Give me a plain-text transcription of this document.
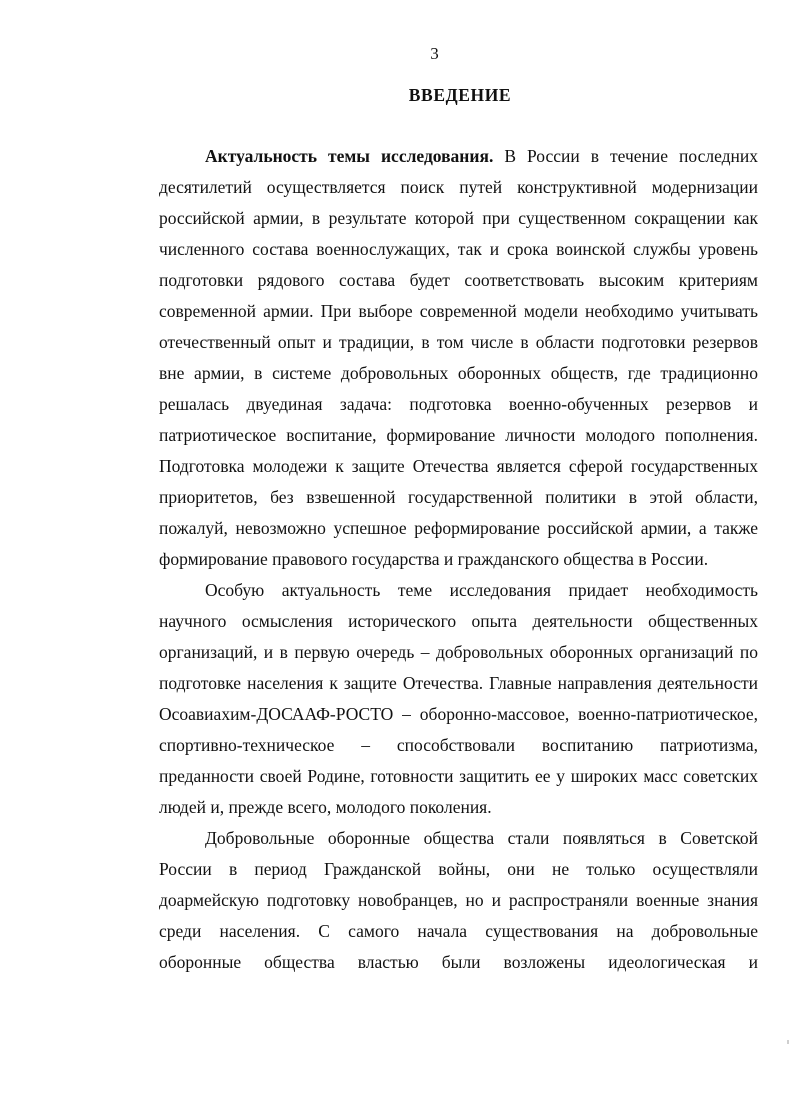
3
ВВЕДЕНИЕ
Актуальность темы исследования. В России в течение последних
десятилетий осуществляется поиск путей конструктивной модернизации
российской армии, в результате которой при существенном сокращении как
численного состава военнослужащих, так и срока воинской службы уровень
подготовки рядового состава будет соответствовать высоким критериям
современной армии. При выборе современной модели необходимо учитывать
отечественный опыт и традиции, в том числе в области подготовки резервов
вне армии, в системе добровольных оборонных обществ, где традиционно
решалась двуединая задача: подготовка военно-обученных резервов и
патриотическое воспитание, формирование личности молодого пополнения.
Подготовка молодежи к защите Отечества является сферой государственных
приоритетов, без взвешенной государственной политики в этой области,
пожалуй, невозможно успешное реформирование российской армии, а также
формирование правового государства и гражданского общества в России.
Особую актуальность теме исследования придает необходимость
научного осмысления исторического опыта деятельности общественных
организаций, и в первую очередь – добровольных оборонных организаций по
подготовке населения к защите Отечества. Главные направления деятельности
Осоавиахим-ДОСААФ-РОСТО – оборонно-массовое, военно-патриотическое,
спортивно-техническое – способствовали воспитанию патриотизма,
преданности своей Родине, готовности защитить ее у широких масс советских
людей и, прежде всего, молодого поколения.
Добровольные оборонные общества стали появляться в Советской
России в период Гражданской войны, они не только осуществляли
доармейскую подготовку новобранцев, но и распространяли военные знания
среди населения. С самого начала существования на добровольные
оборонные общества властью были возложены идеологическая и
